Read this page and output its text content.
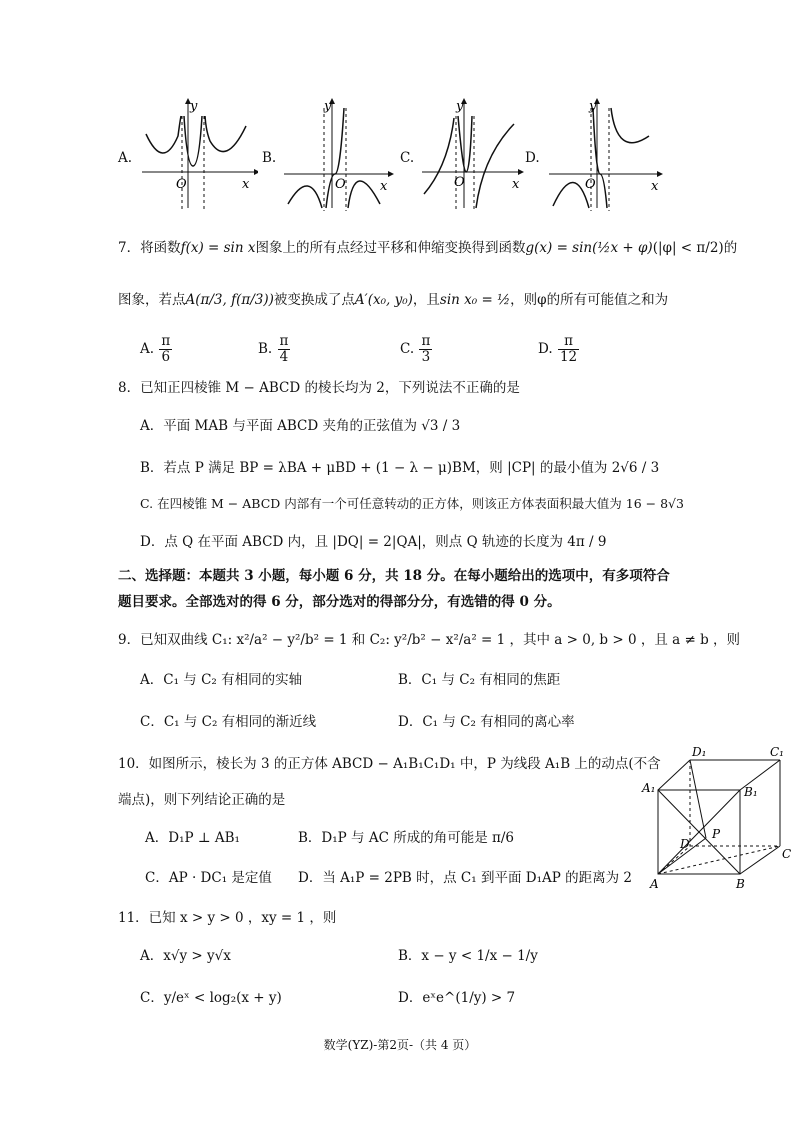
A.
O	x
y
B.
O	x
y
C.
O	x
y
D.
O	x
y
7．将函数f(x) = sin x图象上的所有点经过平移和伸缩变换得到函数g(x) = sin(½x + φ)(|φ| < π/2)的
图象，若点A(π/3, f(π/3))被变换成了点A′(x₀, y₀)，且sin x₀ = ½，则φ的所有可能值之和为
A. $\frac{\pi}{6}$	B. $\frac{\pi}{4}$	C. $\frac{\pi}{3}$	D. $\frac{\pi}{12}$
8．已知正四棱锥 M − ABCD 的棱长均为 2，下列说法不正确的是
A．平面 MAB 与平面 ABCD 夹角的正弦值为 √3 / 3
B．若点 P 满足 BP = λBA + μBD + (1 − λ − μ)BM，则 |CP| 的最小值为 2√6 / 3
C. 在四棱锥 M − ABCD 内部有一个可任意转动的正方体，则该正方体表面积最大值为 16 − 8√3
D．点 Q 在平面 ABCD 内，且 |DQ| = 2|QA|，则点 Q 轨迹的长度为 4π / 9
二、选择题：本题共 3 小题，每小题 6 分，共 18 分。在每小题给出的选项中，有多项符合
题目要求。全部选对的得 6 分，部分选对的得部分分，有选错的得 0 分。
9．已知双曲线 C₁: x²/a² − y²/b² = 1 和 C₂: y²/b² − x²/a² = 1 ，其中 a > 0, b > 0 ，且 a ≠ b ，则
A．C₁ 与 C₂ 有相同的实轴	B．C₁ 与 C₂ 有相同的焦距
C．C₁ 与 C₂ 有相同的渐近线	D．C₁ 与 C₂ 有相同的离心率
10．如图所示，棱长为 3 的正方体 ABCD − A₁B₁C₁D₁ 中，P 为线段 A₁B 上的动点(不含
端点)，则下列结论正确的是
A．D₁P ⊥ AB₁	B．D₁P 与 AC 所成的角可能是 π/6
C．AP · DC₁ 是定值 D．当 A₁P = 2PB 时，点 C₁ 到平面 D₁AP 的距离为 2
D₁	C₁
A₁	B₁
P
D
C
A	B
11．已知 x > y > 0 ，xy = 1 ，则
A．x√y > y√x	B．x − y < 1/x − 1/y
C．y/eˣ < log₂(x + y)	D．eˣe^(1/y) > 7
数学(YZ)-第2页-（共 4 页）
